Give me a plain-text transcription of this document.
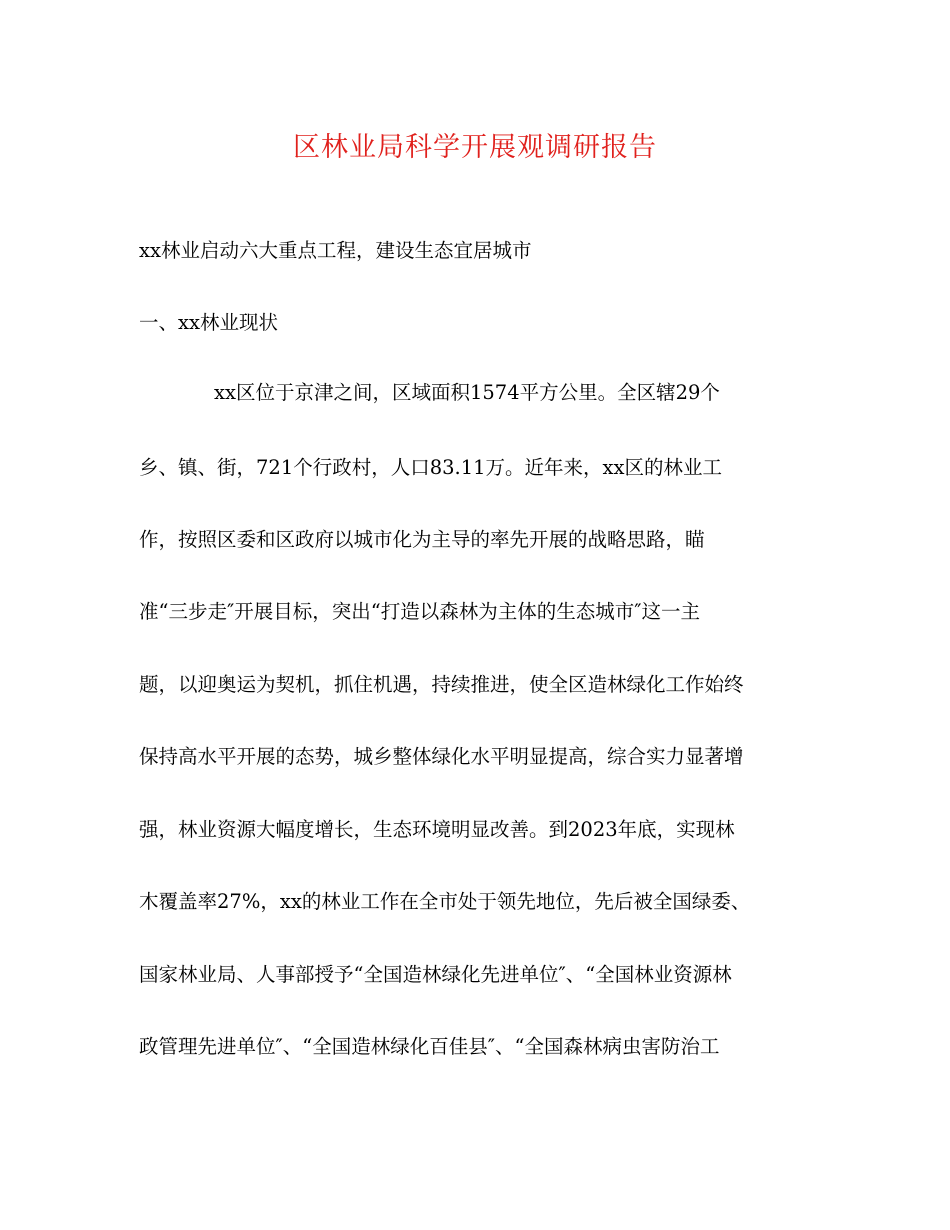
区林业局科学开展观调研报告
xx林业启动六大重点工程，建设生态宜居城市
一、xx林业现状
xx区位于京津之间，区域面积1574平方公里。全区辖29个
乡、镇、街，721个行政村，人口83.11万。近年来，xx区的林业工
作，按照区委和区政府以城市化为主导的率先开展的战略思路，瞄
准“三步走″开展目标，突出“打造以森林为主体的生态城市″这一主
题，以迎奥运为契机，抓住机遇，持续推进，使全区造林绿化工作始终
保持高水平开展的态势，城乡整体绿化水平明显提高，综合实力显著增
强，林业资源大幅度增长，生态环境明显改善。到2023年底，实现林
木覆盖率27%，xx的林业工作在全市处于领先地位，先后被全国绿委、
国家林业局、人事部授予“全国造林绿化先进单位″、“全国林业资源林
政管理先进单位″、“全国造林绿化百佳县″、“全国森林病虫害防治工
